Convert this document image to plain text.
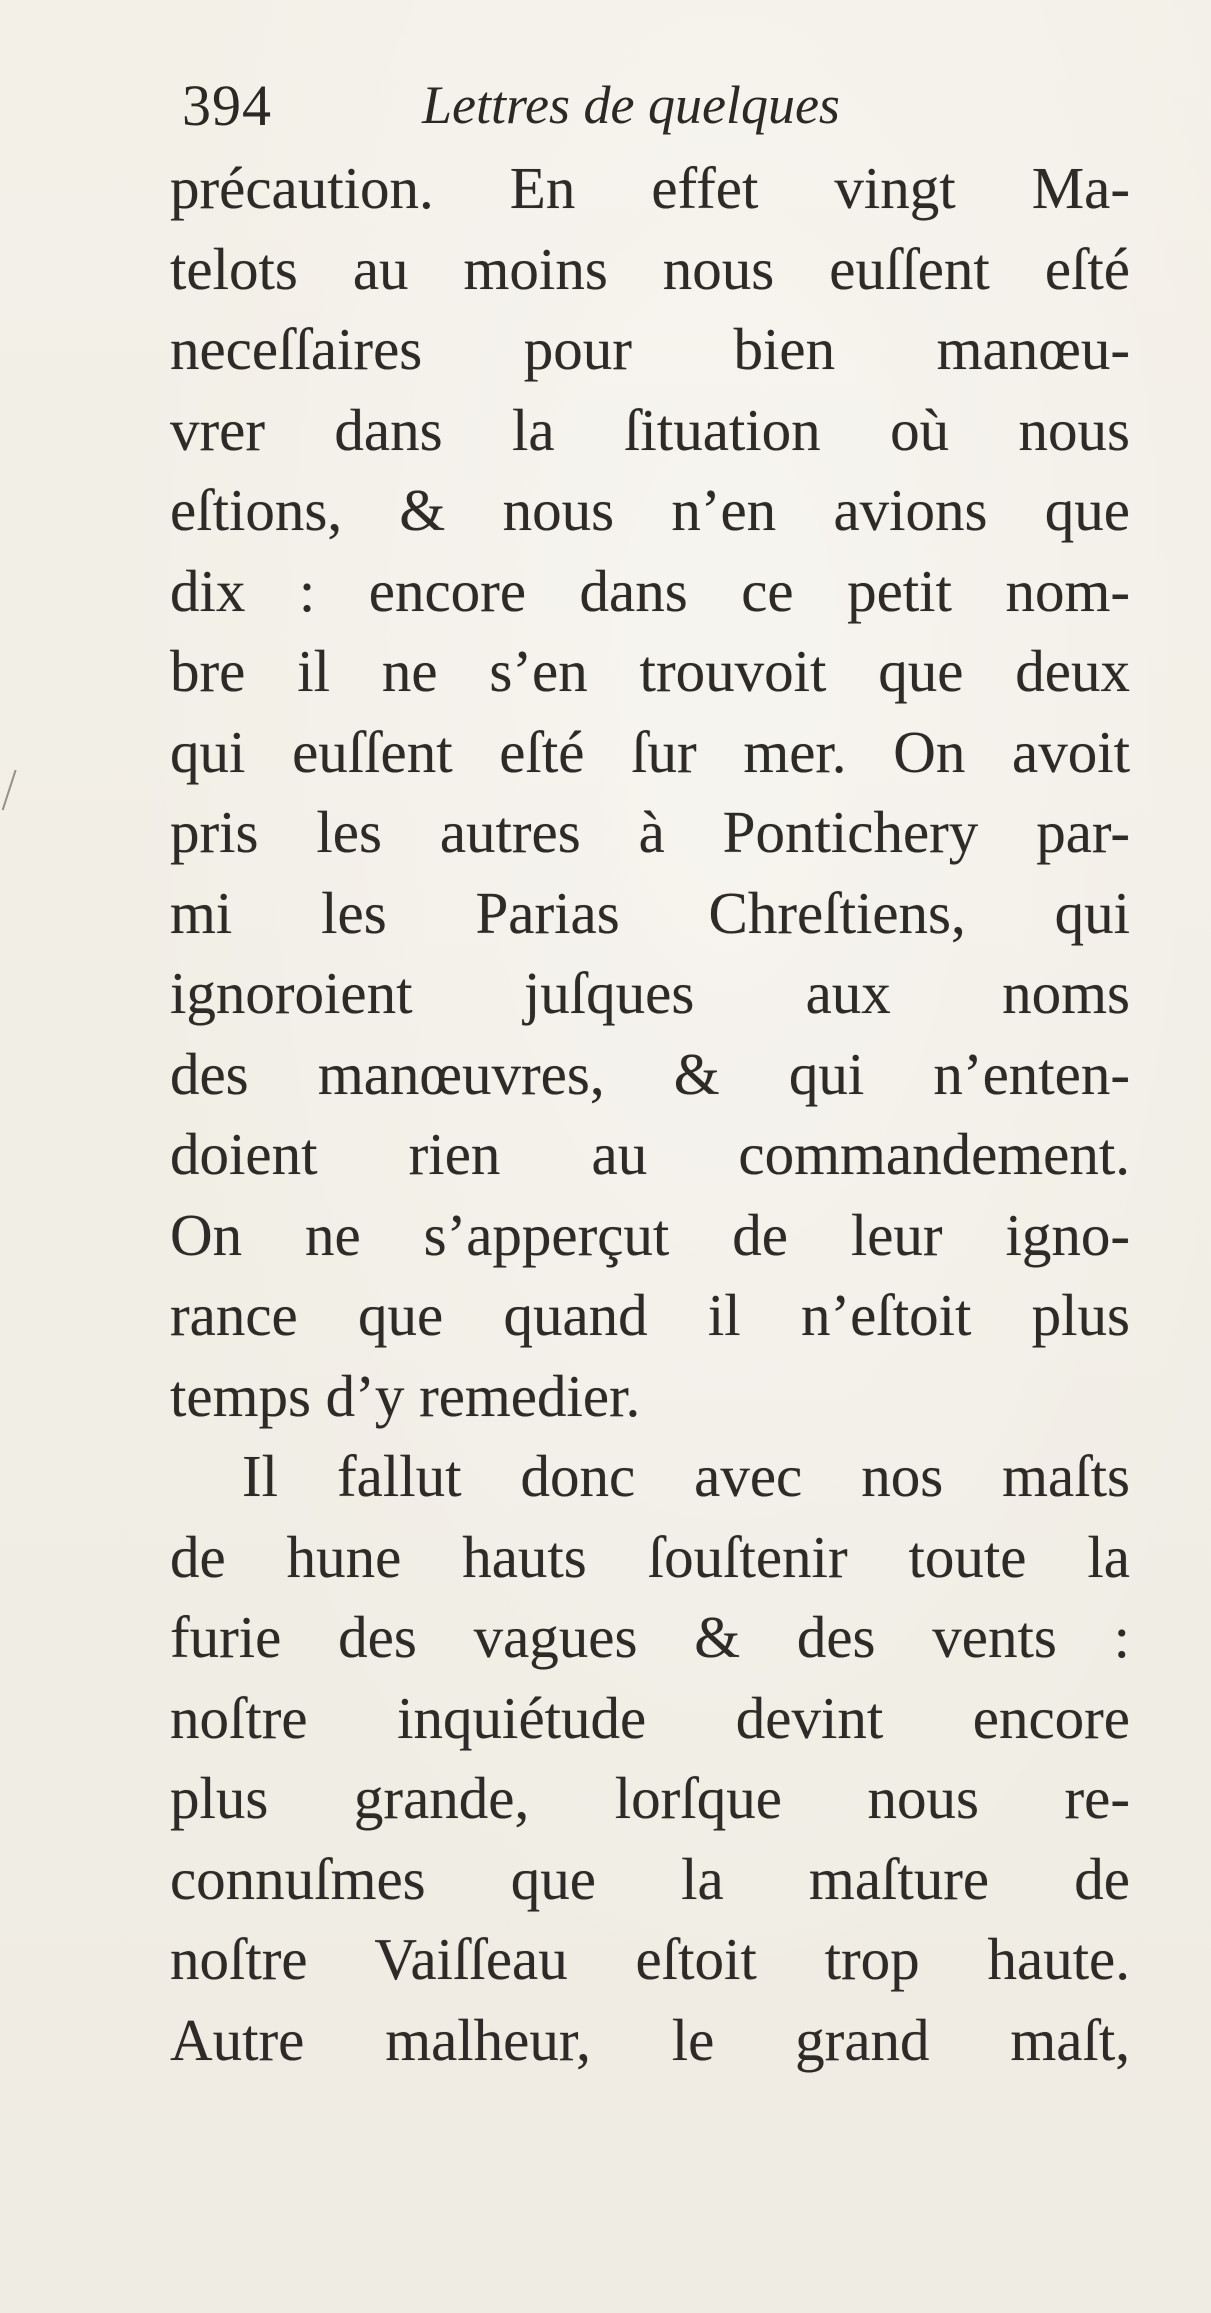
394	Lettres de quelques
précaution. En effet vingt Ma-
telots au moins nous euſſent eſté
neceſſaires pour bien manœu-
vrer dans la ſituation où nous
eſtions, & nous n’en avions que
dix : encore dans ce petit nom-
bre il ne s’en trouvoit que deux
qui euſſent eſté ſur mer. On avoit
pris les autres à Pontichery par-
mi les Parias Chreſtiens, qui
ignoroient juſques aux noms
des manœuvres, & qui n’enten-
doient rien au commandement.
On ne s’apperçut de leur igno-
rance que quand il n’eſtoit plus
temps d’y remedier.
Il fallut donc avec nos maſts
de hune hauts ſouſtenir toute la
furie des vagues & des vents :
noſtre inquiétude devint encore
plus grande, lorſque nous re-
connuſmes que la maſture de
noſtre Vaiſſeau eſtoit trop haute.
Autre malheur, le grand maſt,
